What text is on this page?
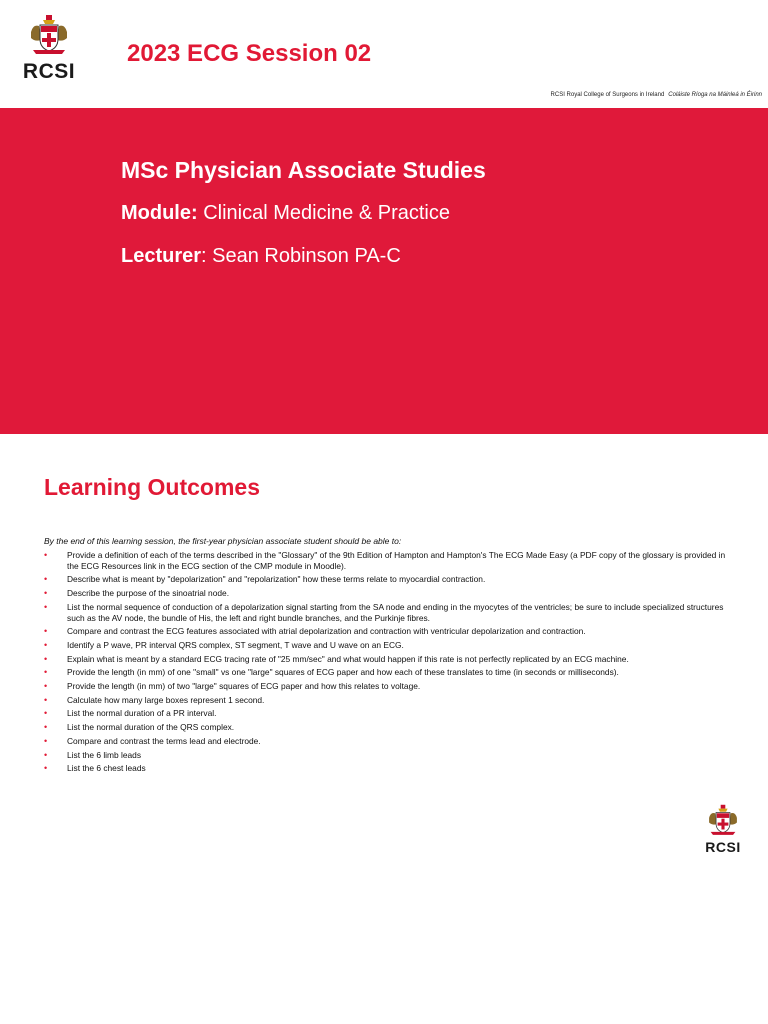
RCSI
2023 ECG Session 02
RCSI Royal College of Surgeons in Ireland Coláiste Ríoga na Máinleá in Éirinn
MSc Physician Associate Studies
Module: Clinical Medicine & Practice
Lecturer: Sean Robinson PA-C
Learning Outcomes
By the end of this learning session, the first-year physician associate student should be able to:
• Provide a definition of each of the terms described in the "Glossary" of the 9th Edition of Hampton and Hampton's The ECG Made Easy (a PDF copy of the glossary is provided in the ECG Resources link in the ECG section of the CMP module in Moodle).
• Describe what is meant by "depolarization" and "repolarization" how these terms relate to myocardial contraction.
• Describe the purpose of the sinoatrial node.
• List the normal sequence of conduction of a depolarization signal starting from the SA node and ending in the myocytes of the ventricles; be sure to include specialized structures such as the AV node, the bundle of His, the left and right bundle branches, and the Purkinje fibres.
• Compare and contrast the ECG features associated with atrial depolarization and contraction with ventricular depolarization and contraction.
• Identify a P wave, PR interval QRS complex, ST segment, T wave and U wave on an ECG.
• Explain what is meant by a standard ECG tracing rate of "25 mm/sec" and what would happen if this rate is not perfectly replicated by an ECG machine.
• Provide the length (in mm) of one "small" vs one "large" squares of ECG paper and how each of these translates to time (in seconds or milliseconds).
• Provide the length (in mm) of two "large" squares of ECG paper and how this relates to voltage.
• Calculate how many large boxes represent 1 second.
• List the normal duration of a PR interval.
• List the normal duration of the QRS complex.
• Compare and contrast the terms lead and electrode.
• List the 6 limb leads
• List the 6 chest leads
RCSI
